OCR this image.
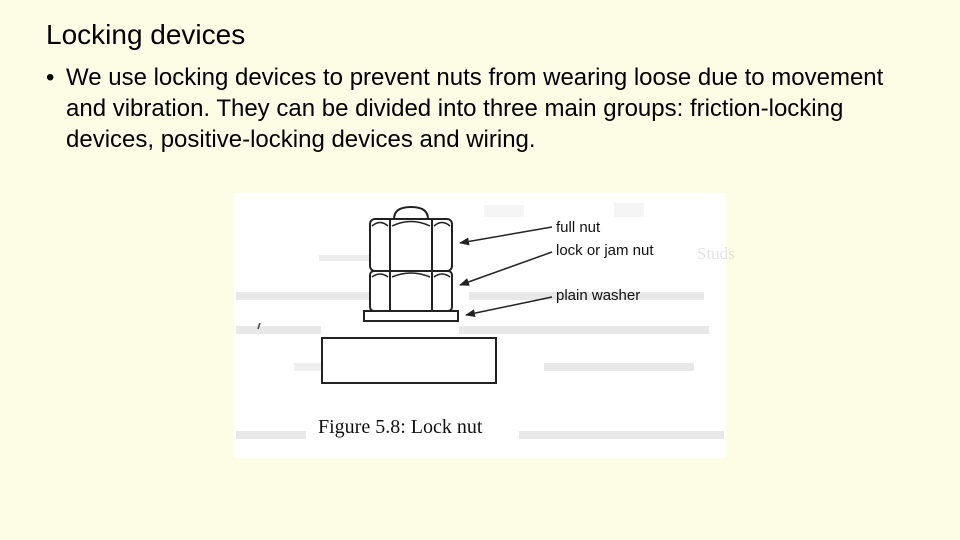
Locking devices
• We use locking devices to prevent nuts from wearing loose due to movement and vibration. They can be divided into three main groups: friction-locking devices, positive-locking devices and wiring.
Studs
full nut
lock or jam nut
plain washer
Figure 5.8: Lock nut
